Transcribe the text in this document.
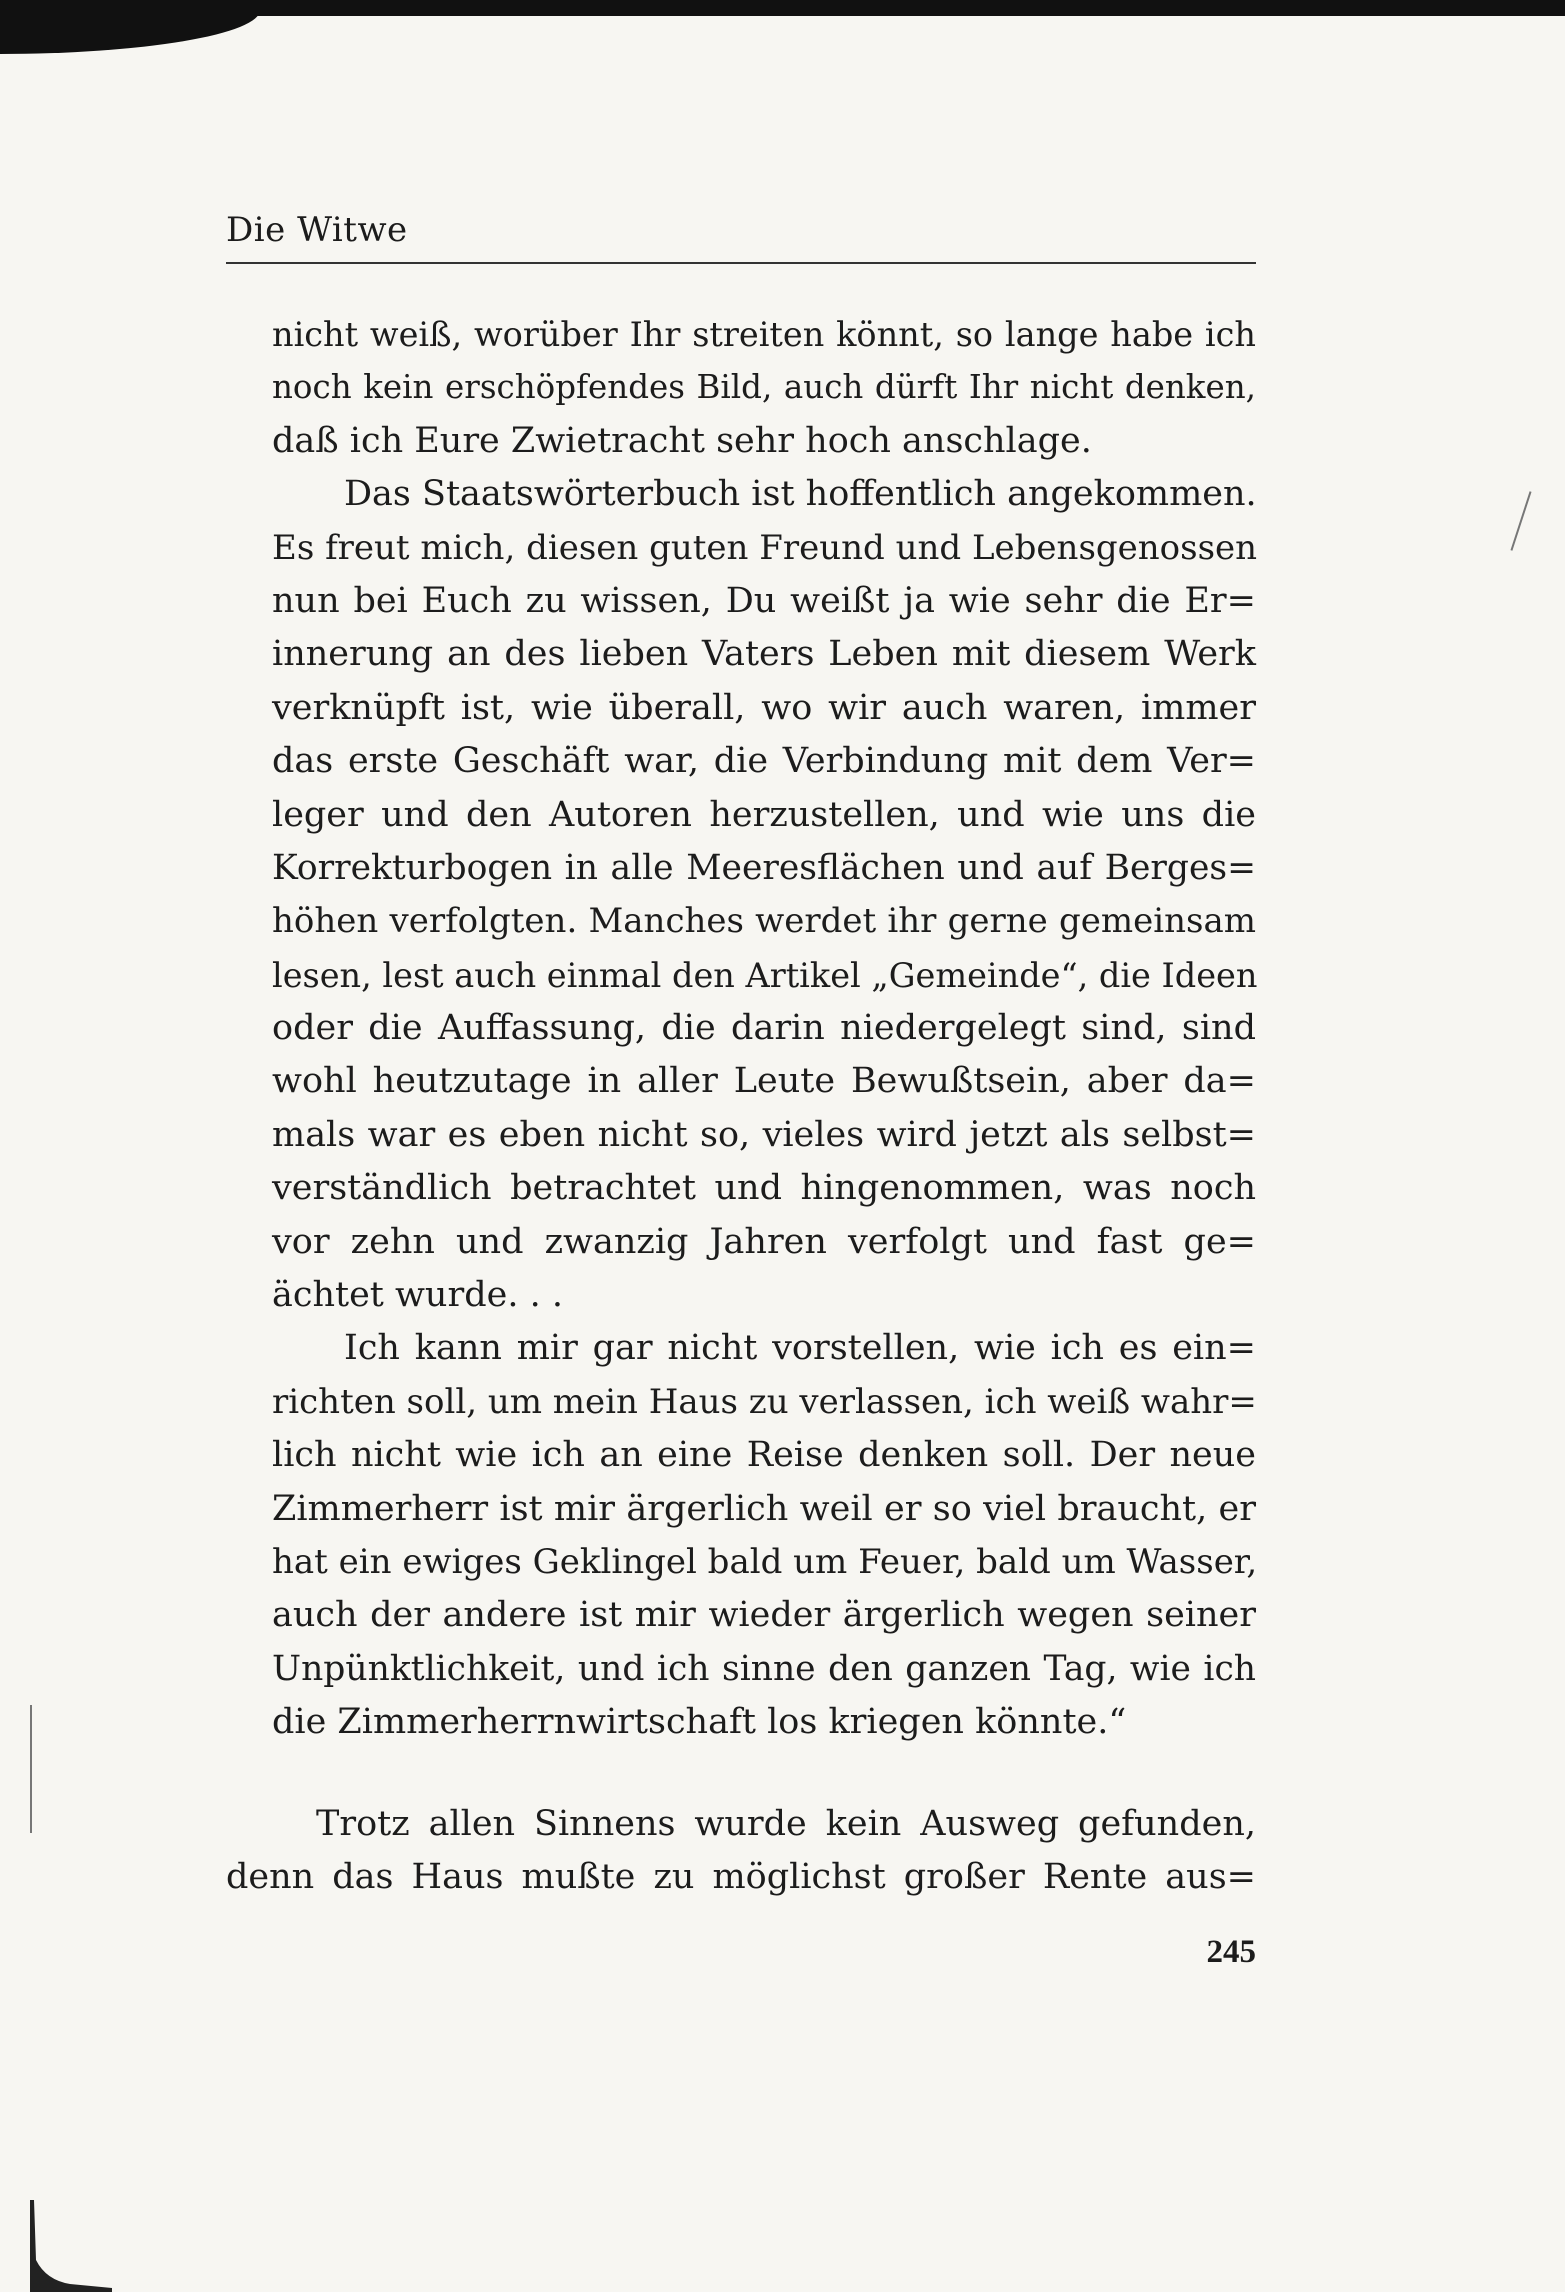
Die Witwe
nicht weiß, worüber Ihr streiten könnt, so lange habe ich
noch kein erschöpfendes Bild, auch dürft Ihr nicht denken,
daß ich Eure Zwietracht sehr hoch anschlage.
Das Staatswörterbuch ist hoffentlich angekommen.
Es freut mich, diesen guten Freund und Lebensgenossen
nun bei Euch zu wissen, Du weißt ja wie sehr die Er=
innerung an des lieben Vaters Leben mit diesem Werk
verknüpft ist, wie überall, wo wir auch waren, immer
das erste Geschäft war, die Verbindung mit dem Ver=
leger und den Autoren herzustellen, und wie uns die
Korrekturbogen in alle Meeresflächen und auf Berges=
höhen verfolgten. Manches werdet ihr gerne gemeinsam
lesen, lest auch einmal den Artikel „Gemeinde“, die Ideen
oder die Auffassung, die darin niedergelegt sind, sind
wohl heutzutage in aller Leute Bewußtsein, aber da=
mals war es eben nicht so, vieles wird jetzt als selbst=
verständlich betrachtet und hingenommen, was noch
vor zehn und zwanzig Jahren verfolgt und fast ge=
ächtet wurde. . .
Ich kann mir gar nicht vorstellen, wie ich es ein=
richten soll, um mein Haus zu verlassen, ich weiß wahr=
lich nicht wie ich an eine Reise denken soll. Der neue
Zimmerherr ist mir ärgerlich weil er so viel braucht, er
hat ein ewiges Geklingel bald um Feuer, bald um Wasser,
auch der andere ist mir wieder ärgerlich wegen seiner
Unpünktlichkeit, und ich sinne den ganzen Tag, wie ich
die Zimmerherrnwirtschaft los kriegen könnte.“
Trotz allen Sinnens wurde kein Ausweg gefunden,
denn das Haus mußte zu möglichst großer Rente aus=
245
